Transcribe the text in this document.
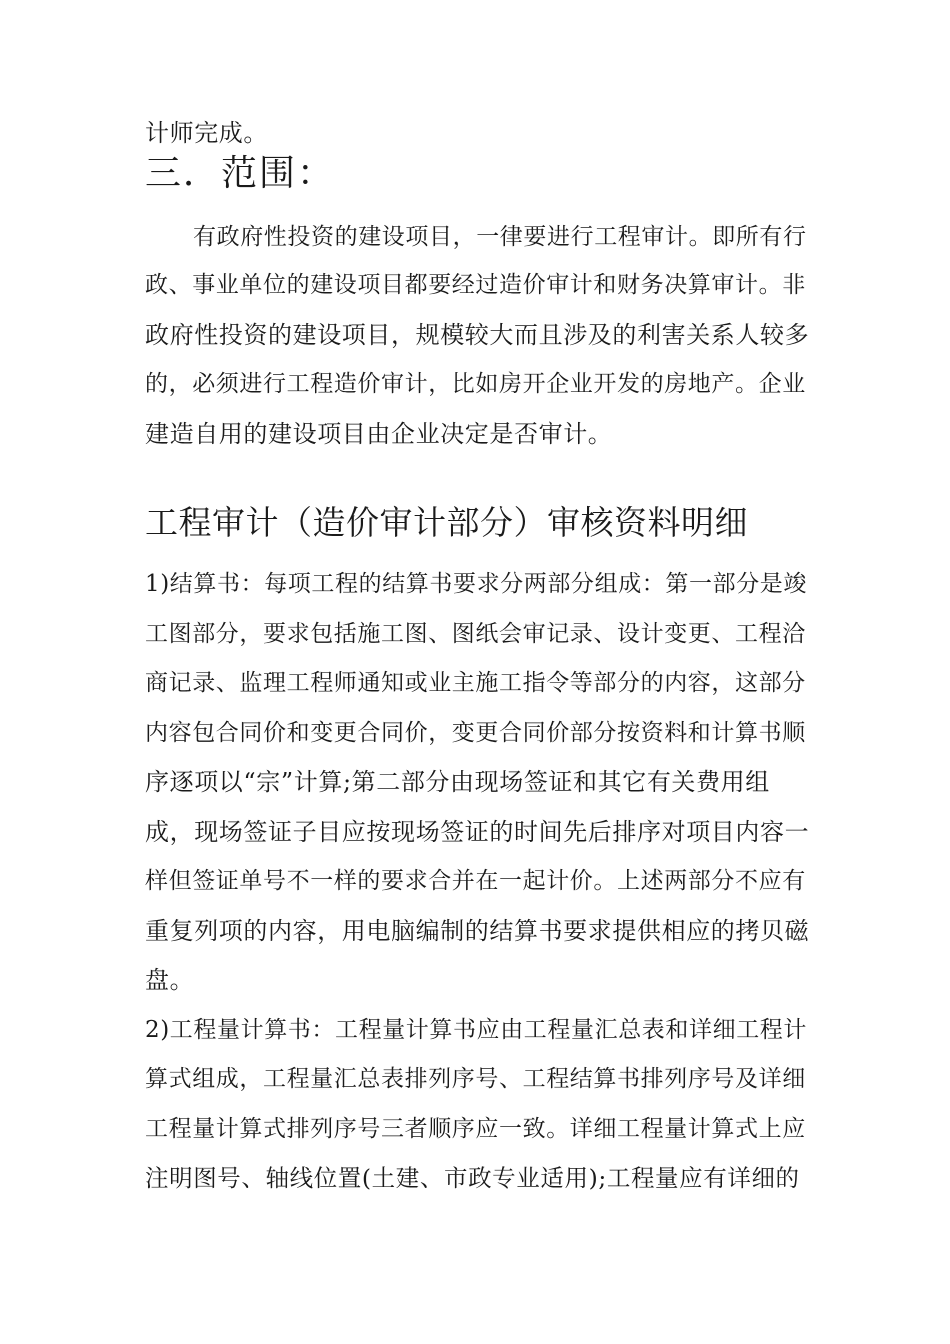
计师完成。
三．范围：
有政府性投资的建设项目，一律要进行工程审计。即所有行
政、事业单位的建设项目都要经过造价审计和财务决算审计。非
政府性投资的建设项目，规模较大而且涉及的利害关系人较多
的，必须进行工程造价审计，比如房开企业开发的房地产。企业
建造自用的建设项目由企业决定是否审计。
工程审计（造价审计部分）审核资料明细
1)结算书：每项工程的结算书要求分两部分组成：第一部分是竣
工图部分，要求包括施工图、图纸会审记录、设计变更、工程洽
商记录、监理工程师通知或业主施工指令等部分的内容，这部分
内容包合同价和变更合同价，变更合同价部分按资料和计算书顺
序逐项以“宗”计算;第二部分由现场签证和其它有关费用组
成，现场签证子目应按现场签证的时间先后排序对项目内容一
样但签证单号不一样的要求合并在一起计价。上述两部分不应有
重复列项的内容，用电脑编制的结算书要求提供相应的拷贝磁
盘。
2)工程量计算书：工程量计算书应由工程量汇总表和详细工程计
算式组成，工程量汇总表排列序号、工程结算书排列序号及详细
工程量计算式排列序号三者顺序应一致。详细工程量计算式上应
注明图号、轴线位置(土建、市政专业适用);工程量应有详细的
